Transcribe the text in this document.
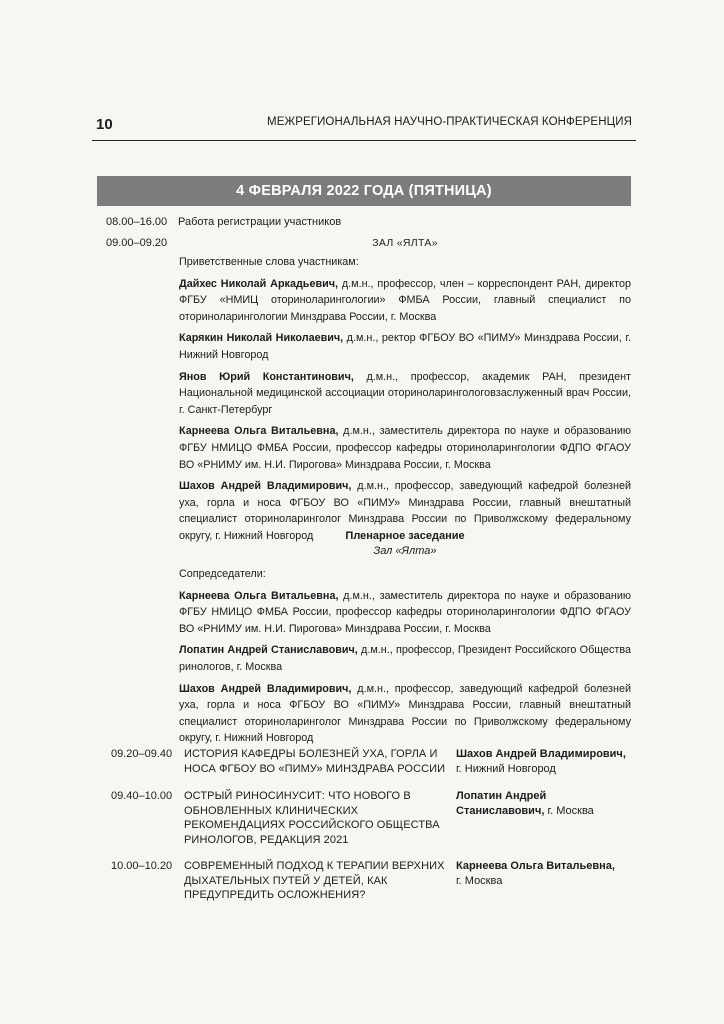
10	МЕЖРЕГИОНАЛЬНАЯ НАУЧНО-ПРАКТИЧЕСКАЯ КОНФЕРЕНЦИЯ
4 ФЕВРАЛЯ 2022 ГОДА (ПЯТНИЦА)
08.00–16.00 Работа регистрации участников
09.00–09.20	ЗАЛ «ЯЛТА»

Приветственные слова участникам:

Дайхес Николай Аркадьевич, д.м.н., профессор, член – корреспондент РАН, директор ФГБУ «НМИЦ оториноларингологии» ФМБА России, главный специалист по оториноларингологии Минздрава России, г. Москва

Карякин Николай Николаевич, д.м.н., ректор ФГБОУ ВО «ПИМУ» Минздрава России, г. Нижний Новгород

Янов Юрий Константинович, д.м.н., профессор, академик РАН, президент Национальной медицинской ассоциации оториноларингологовзаслуженный врач России, г. Санкт-Петербург

Карнеева Ольга Витальевна, д.м.н., заместитель директора по науке и образованию ФГБУ НМИЦО ФМБА России, профессор кафедры оториноларингологии ФДПО ФГАОУ ВО «РНИМУ им. Н.И. Пирогова» Минздрава России, г. Москва

Шахов Андрей Владимирович, д.м.н., профессор, заведующий кафедрой болезней уха, горла и носа ФГБОУ ВО «ПИМУ» Минздрава России, главный внештатный специалист оториноларинголог Минздрава России по Приволжскому федеральному округу, г. Нижний Новгород	Пленарное заседание
Зал «Ялта»

Сопредседатели:

Карнеева Ольга Витальевна, д.м.н., заместитель директора по науке и образованию ФГБУ НМИЦО ФМБА России, профессор кафедры оториноларингологии ФДПО ФГАОУ ВО «РНИМУ им. Н.И. Пирогова» Минздрава России, г. Москва

Лопатин Андрей Станиславович, д.м.н., профессор, Президент Российского Общества ринологов, г. Москва

Шахов Андрей Владимирович, д.м.н., профессор, заведующий кафедрой болезней уха, горла и носа ФГБОУ ВО «ПИМУ» Минздрава России, главный внештатный специалист оториноларинголог Минздрава России по Приволжскому федеральному округу, г. Нижний Новгород

09.20–09.40 ИСТОРИЯ КАФЕДРЫ БОЛЕЗНЕЙ УХА, ГОРЛА И НОСА ФГБОУ ВО «ПИМУ» МИНЗДРАВА РОССИИ
Шахов Андрей Владимирович,
г. Нижний Новгород
09.40–10.00 ОСТРЫЙ РИНОСИНУСИТ: ЧТО НОВОГО В ОБНОВЛЕННЫХ КЛИНИЧЕСКИХ РЕКОМЕНДАЦИЯХ РОССИЙСКОГО ОБЩЕСТВА РИНОЛОГОВ, РЕДАКЦИЯ 2021
Лопатин Андрей Станиславович, г. Москва
10.00–10.20 СОВРЕМЕННЫЙ ПОДХОД К ТЕРАПИИ ВЕРХНИХ ДЫХАТЕЛЬНЫХ ПУТЕЙ У ДЕТЕЙ, КАК ПРЕДУПРЕДИТЬ ОСЛОЖНЕНИЯ?
Карнеева Ольга Витальевна,
г. Москва
